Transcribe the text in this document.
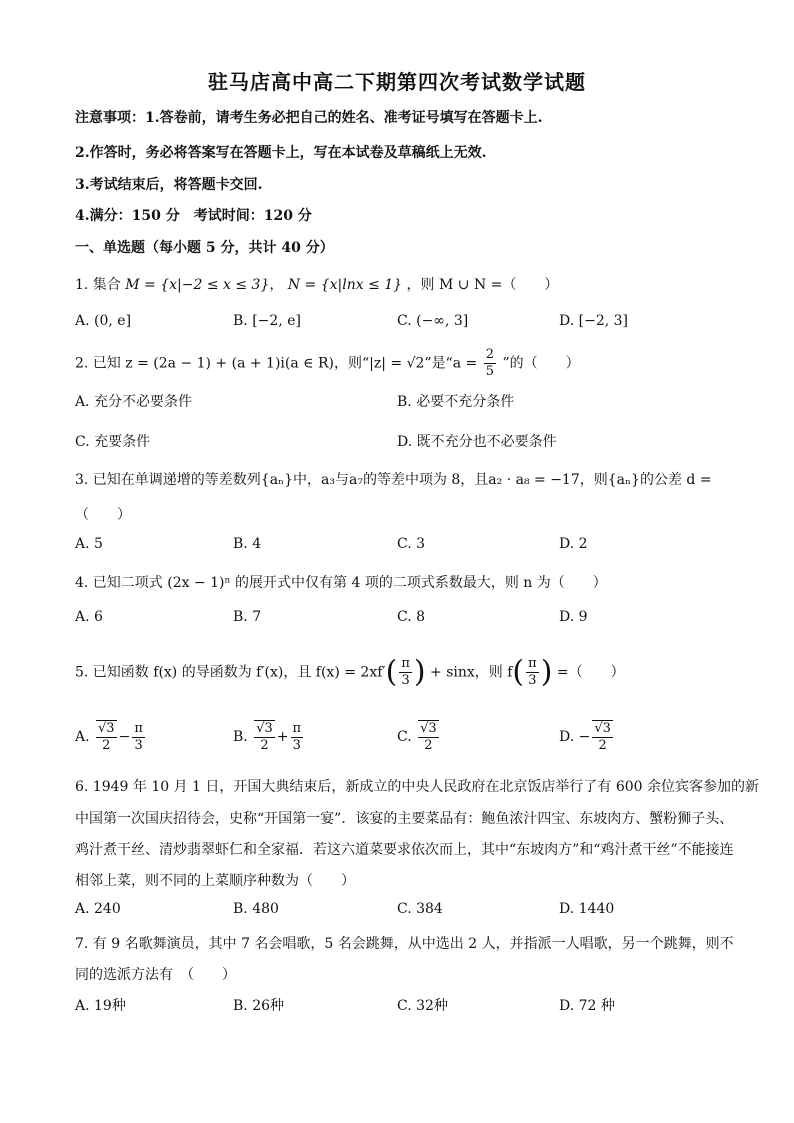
驻马店高中高二下期第四次考试数学试题
注意事项：1.答卷前，请考生务必把自己的姓名、准考证号填写在答题卡上.
2.作答时，务必将答案写在答题卡上，写在本试卷及草稿纸上无效.
3.考试结束后，将答题卡交回.
4.满分：150 分　考试时间：120 分
一、单选题（每小题 5 分，共计 40 分）
1. 集合 M = {x|−2 ≤ x ≤ 3}， N = {x|lnx ≤ 1} ，则 M ∪ N =（　　）
A. (0, e]	B. [−2, e]	C. (−∞, 3]	D. [−2, 3]
2. 已知 z = (2a − 1) + (a + 1)i(a ∈ R)，则“|z| = √2”是“$a = \frac{2}{5}$ ”的（　　）
A. 充分不必要条件	B. 必要不充分条件
C. 充要条件	D. 既不充分也不必要条件
3. 已知在单调递增的等差数列{aₙ}中，a₃与a₇的等差中项为 8，且a₂ · a₈ = −17，则{aₙ}的公差 d =
（　　）
A. 5	B. 4	C. 3	D. 2
4. 已知二项式 (2x − 1)ⁿ 的展开式中仅有第 4 项的二项式系数最大，则 n 为（　　）
A. 6	B. 7	C. 8	D. 9
5. 已知函数 f(x) 的导函数为 f′(x)，且 $f(x) = 2xf'( \frac{\pi}{3}$ ) + sinx，则 $f( \frac{\pi}{3}$ ) =（　　）
A. $\frac{√3}{2} - \frac{\pi}{3}$	B. $\frac{√3}{2} + \frac{\pi}{3}$	C. $\frac{√3}{2}$	D. − $\frac{√3}{2}$
6. 1949 年 10 月 1 日，开国大典结束后，新成立的中央人民政府在北京饭店举行了有 600 余位宾客参加的新
中国第一次国庆招待会，史称“开国第一宴”．该宴的主要菜品有：鲍鱼浓汁四宝、东坡肉方、蟹粉狮子头、
鸡汁煮干丝、清炒翡翠虾仁和全家福．若这六道菜要求依次而上，其中“东坡肉方”和“鸡汁煮干丝”不能接连
相邻上菜，则不同的上菜顺序种数为（　　）
A. 240	B. 480	C. 384	D. 1440
7. 有 9 名歌舞演员，其中 7 名会唱歌，5 名会跳舞，从中选出 2 人，并指派一人唱歌，另一个跳舞，则不
同的选派方法有　（　　）
A. 19种	B. 26种	C. 32种	D. 72 种
